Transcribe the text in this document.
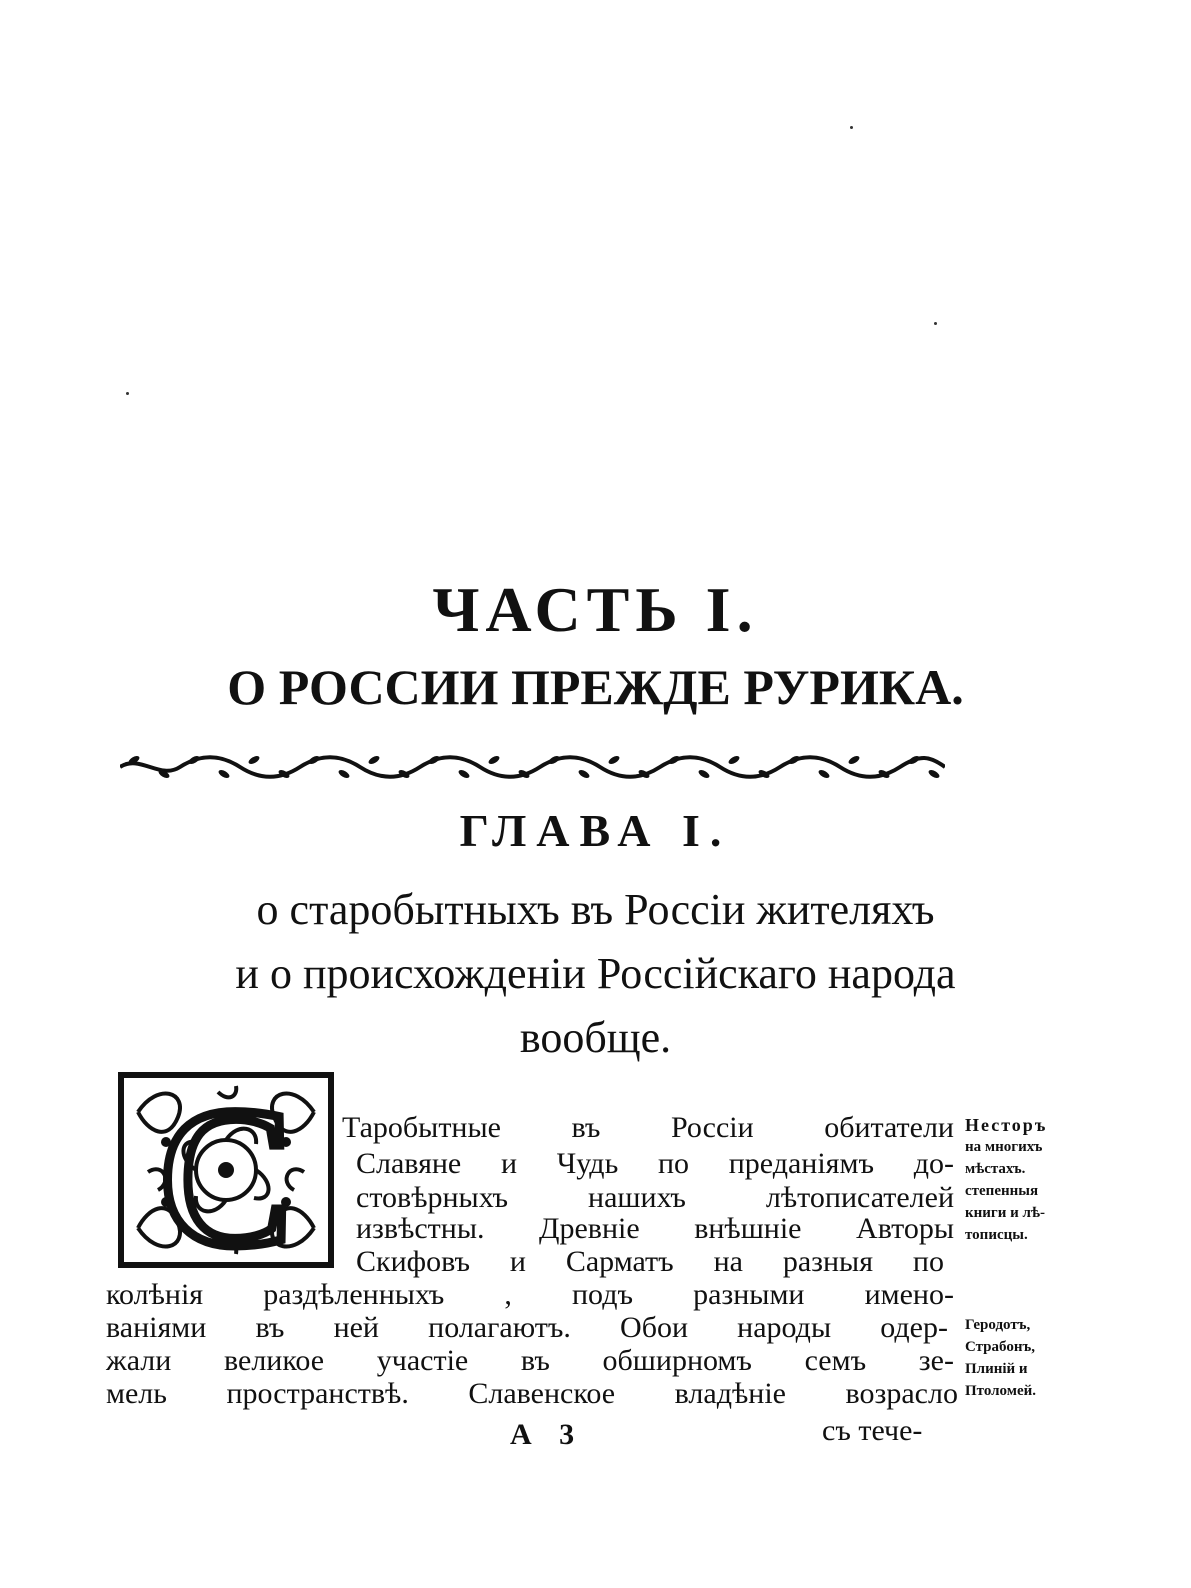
ЧАСТЬ I.
О РОССИИ ПРЕЖДЕ РУРИКА.
ГЛАВА I.
о старобытныхъ въ Россіи жителяхъ
и о происхожденіи Россійскаго народа
вообще.
С Таробытные въ Россіи обитатели
Славяне и Чудь по преданіямъ до-
стовѣрныхъ	нашихъ	лѣтописателей
извѣстны. Древніе внѣшніе Авторы
Скифовъ и Сарматъ на разныя по
колѣнія раздѣленныхъ , подъ разными имено-
ваніями въ ней полагаютъ. Обои народы одер-
жали великое участіе въ обширномъ семъ зе-
мель пространствѣ. Славенское владѣніе возрасло
Несторъ
на многихъ
мѣстахъ.
степенныя
книги и лѣ-
тописцы.
Геродотъ,
Страбонъ,
Плиній и
Птоломей.
А 3	съ тече-
